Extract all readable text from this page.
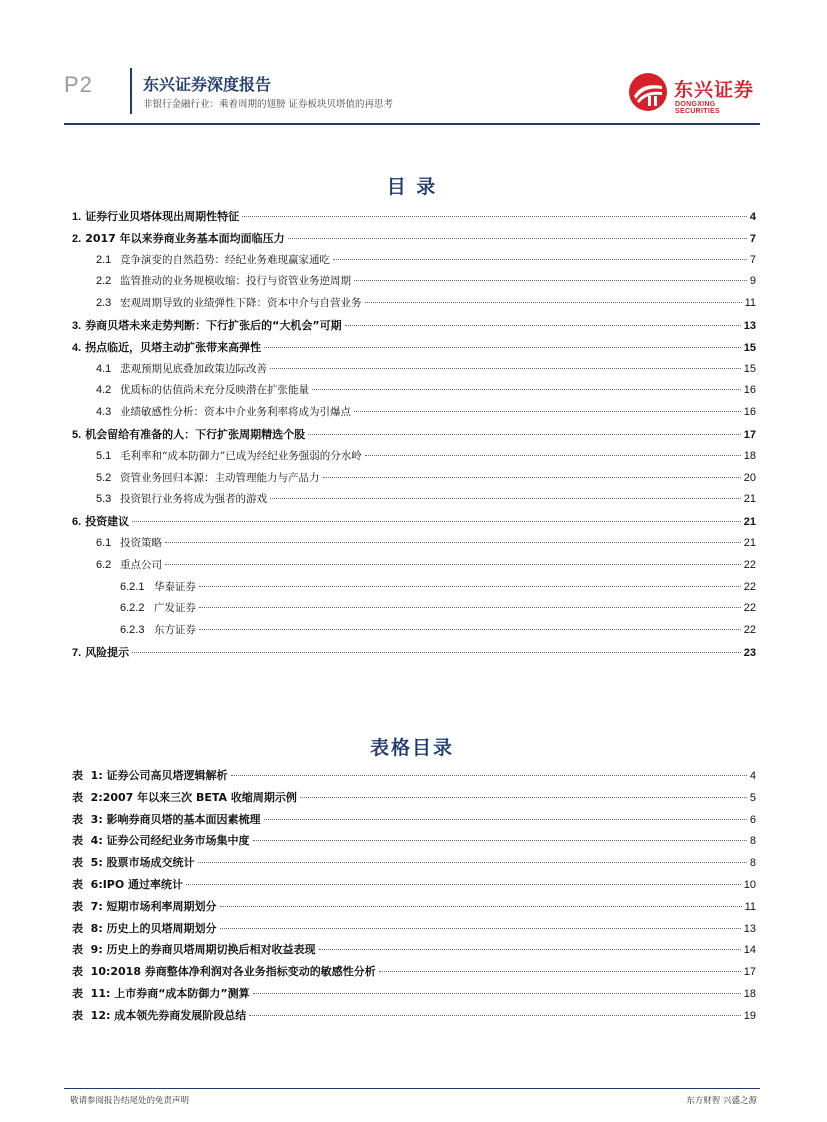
P2	东兴证券深度报告
非银行金融行业：乘着周期的翅膀 证券板块贝塔值的再思考
东兴证券
DONGXING SECURITIES
目 录
1. 证券行业贝塔体现出周期性特征	4
2. 2017 年以来券商业务基本面均面临压力	7
2.1 竞争演变的自然趋势：经纪业务难现赢家通吃	7
2.2 监管推动的业务规模收缩：投行与资管业务逆周期	9
2.3 宏观周期导致的业绩弹性下降：资本中介与自营业务	11
3. 券商贝塔未来走势判断：下行扩张后的“大机会”可期	13
4. 拐点临近，贝塔主动扩张带来高弹性	15
4.1 悲观预期见底叠加政策边际改善	15
4.2 优质标的估值尚未充分反映潜在扩张能量	16
4.3 业绩敏感性分析：资本中介业务利率将成为引爆点	16
5. 机会留给有准备的人：下行扩张周期精选个股	17
5.1 毛利率和“成本防御力”已成为经纪业务强弱的分水岭	18
5.2 资管业务回归本源：主动管理能力与产品力	20
5.3 投资银行业务将成为强者的游戏	21
6. 投资建议	21
6.1 投资策略	21
6.2 重点公司	22
6.2.1 华泰证券	22
6.2.2 广发证券	22
6.2.3 东方证券	22
7. 风险提示	23
表格目录
表  1: 证券公司高贝塔逻辑解析	4
表  2:2007 年以来三次 BETA 收缩周期示例	5
表  3: 影响券商贝塔的基本面因素梳理	6
表  4: 证券公司经纪业务市场集中度	8
表  5: 股票市场成交统计	8
表  6:IPO 通过率统计	10
表  7: 短期市场利率周期划分	11
表  8: 历史上的贝塔周期划分	13
表  9: 历史上的券商贝塔周期切换后相对收益表现	14
表  10:2018 券商整体净利润对各业务指标变动的敏感性分析	17
表  11: 上市券商“成本防御力”测算	18
表  12: 成本领先券商发展阶段总结	19
敬请参阅报告结尾处的免责声明	东方财智 兴盛之源
